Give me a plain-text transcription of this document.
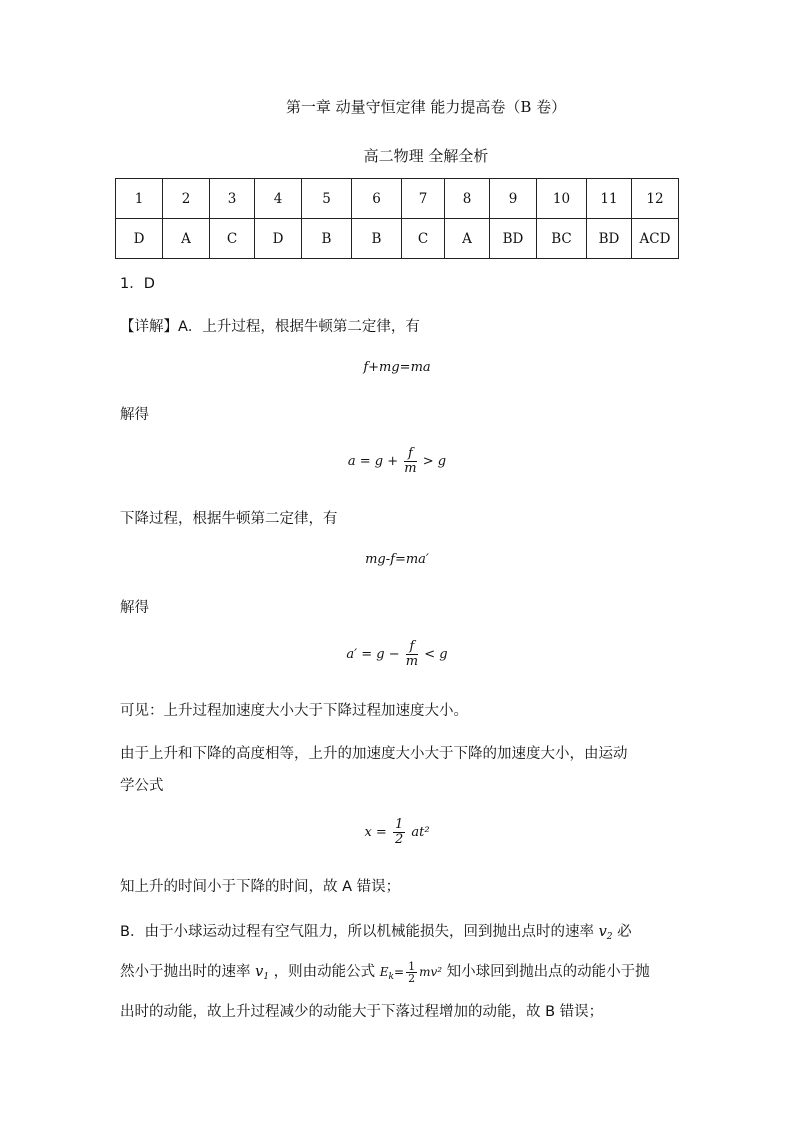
第一章 动量守恒定律 能力提高卷（B 卷）
高二物理 全解全析
1	2	3	4	5	6	7	8	9	10	11	12
D	A	C	D	B	B	C	A	BD	BC	BD	ACD
1．D
【详解】A．上升过程，根据牛顿第二定律，有
f+mg=ma
解得
$a = g + \frac{f}{m} > g$
下降过程，根据牛顿第二定律，有
mg-f=ma′
解得
$a' = g - \frac{f}{m} < g$
可见：上升过程加速度大小大于下降过程加速度大小。
由于上升和下降的高度相等，上升的加速度大小大于下降的加速度大小，由运动
学公式
$x = \frac{1}{2} at^2$
知上升的时间小于下降的时间，故 A 错误；
B．由于小球运动过程有空气阻力，所以机械能损失，回到抛出点时的速率 $v_2$ 必
然小于抛出时的速率 $v_1$ ，则由动能公式 $E_k= \frac{1}{2} mv^2$ 知小球回到抛出点的动能小于抛
出时的动能，故上升过程减少的动能大于下落过程增加的动能，故 B 错误；
